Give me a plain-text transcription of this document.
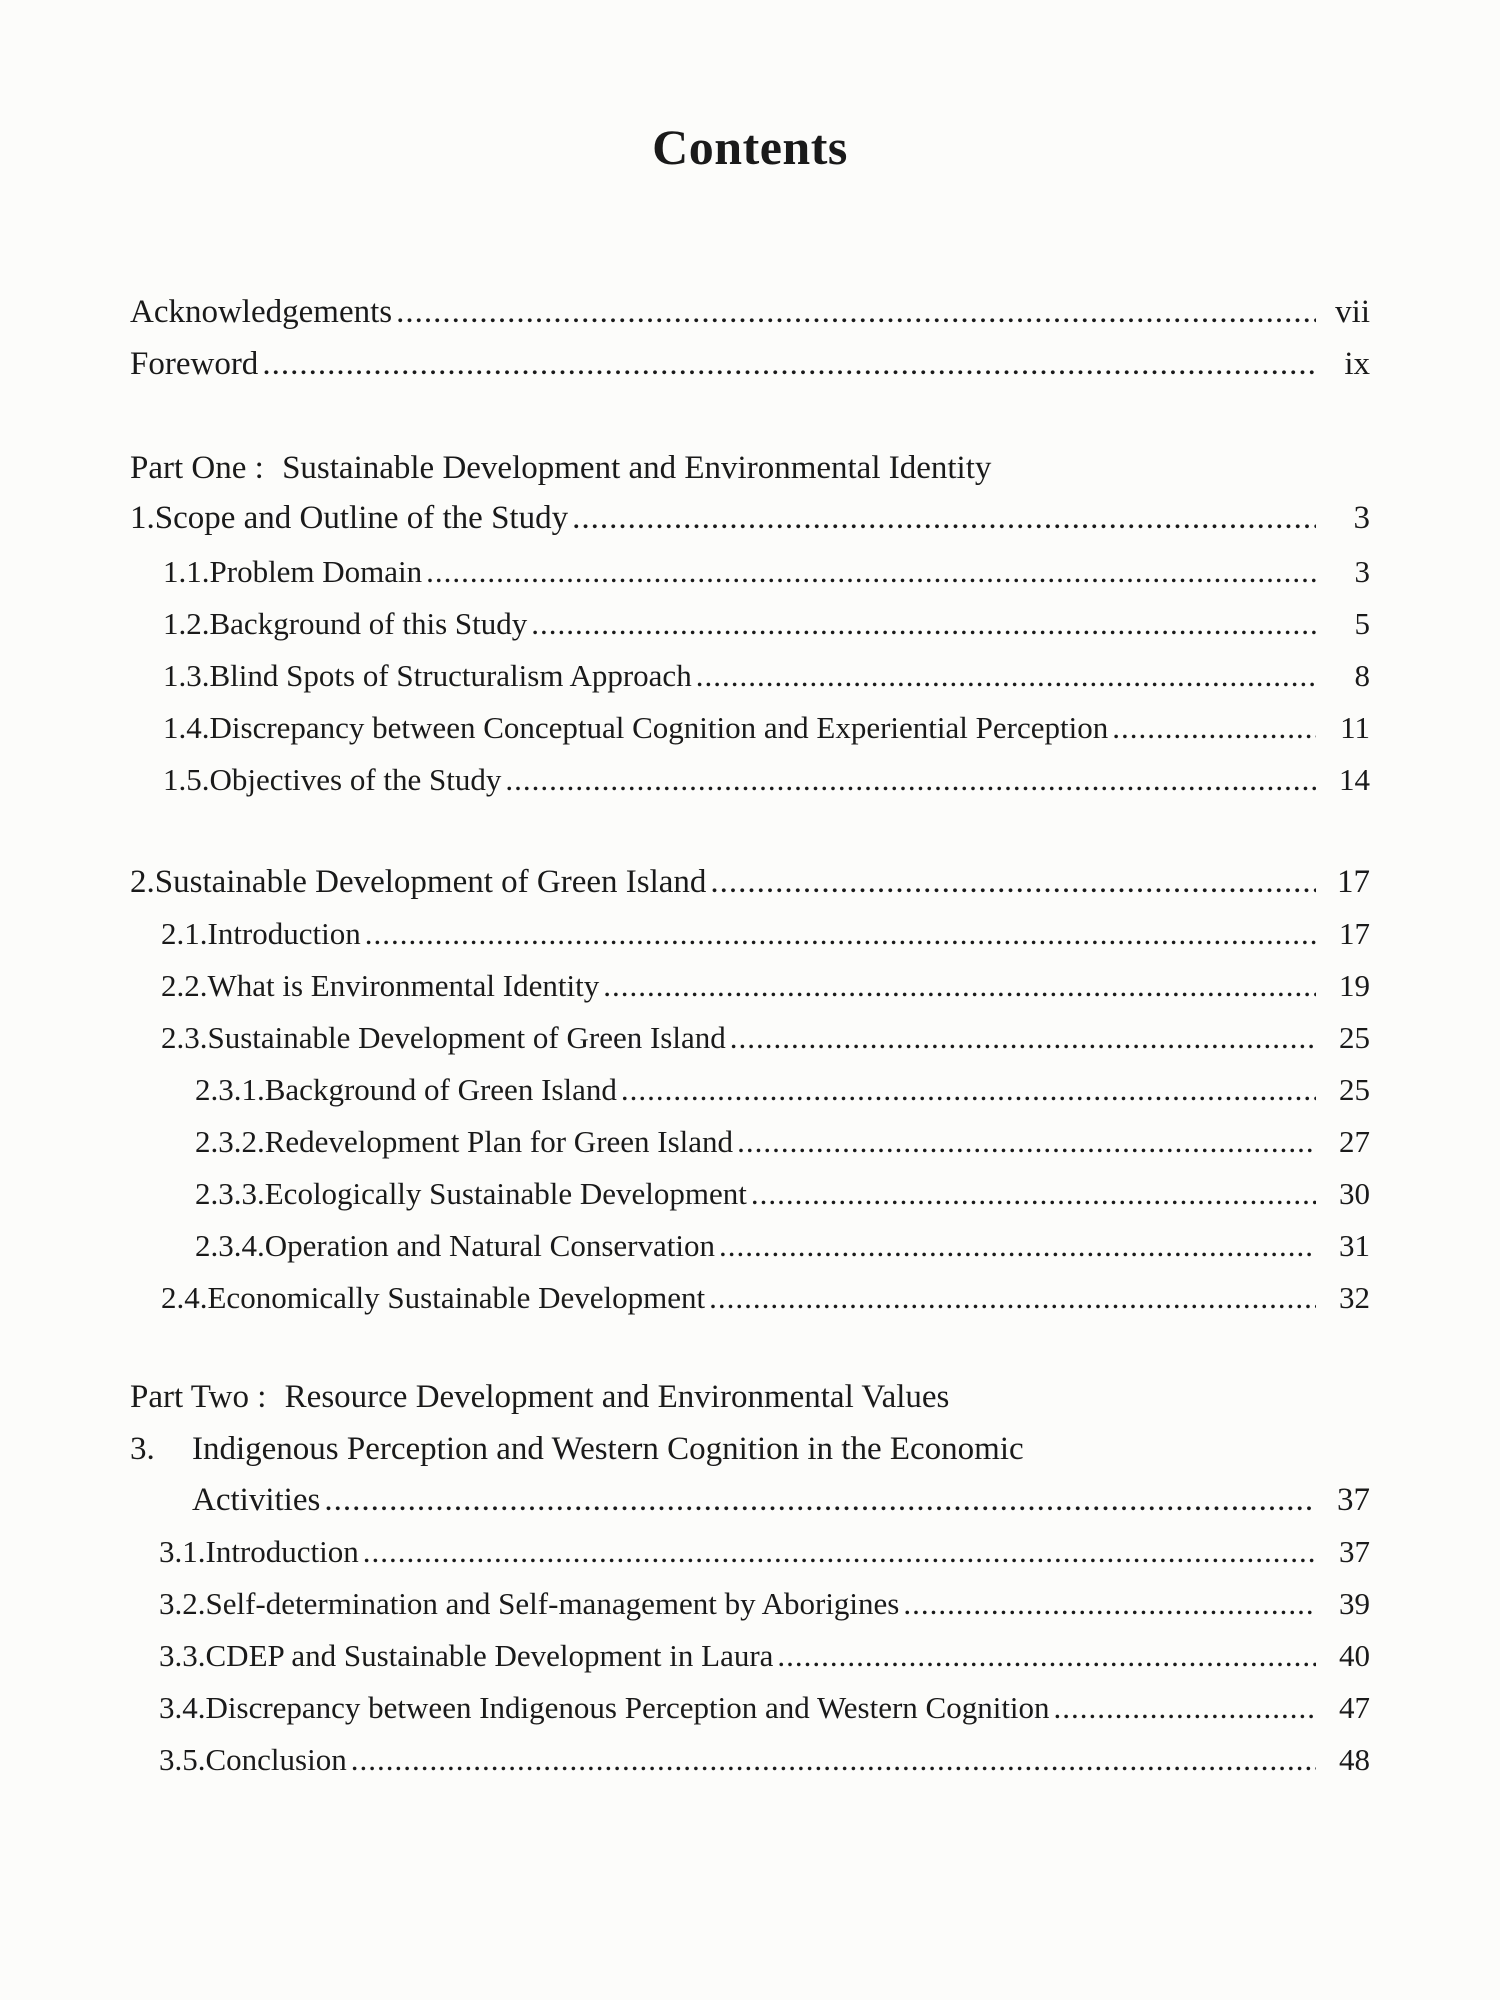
Contents
Acknowledgements .....	vii
Foreword .....	ix
Part One : Sustainable Development and Environmental Identity
1. Scope and Outline of the Study .....	3
1.1. Problem Domain .....	3
1.2. Background of this Study .....	5
1.3. Blind Spots of Structuralism Approach .....	8
1.4. Discrepancy between Conceptual Cognition and Experiential Perception .....	11
1.5. Objectives of the Study .....	14
2. Sustainable Development of Green Island .....	17
2.1. Introduction .....	17
2.2. What is Environmental Identity .....	19
2.3. Sustainable Development of Green Island .....	25
2.3.1. Background of Green Island .....	25
2.3.2. Redevelopment Plan for Green Island .....	27
2.3.3. Ecologically Sustainable Development .....	30
2.3.4. Operation and Natural Conservation .....	31
2.4. Economically Sustainable Development .....	32
Part Two : Resource Development and Environmental Values
3. Indigenous Perception and Western Cognition in the Economic
Activities .....	37
3.1. Introduction .....	37
3.2. Self-determination and Self-management by Aborigines .....	39
3.3. CDEP and Sustainable Development in Laura .....	40
3.4. Discrepancy between Indigenous Perception and Western Cognition .....	47
3.5. Conclusion .....	48
